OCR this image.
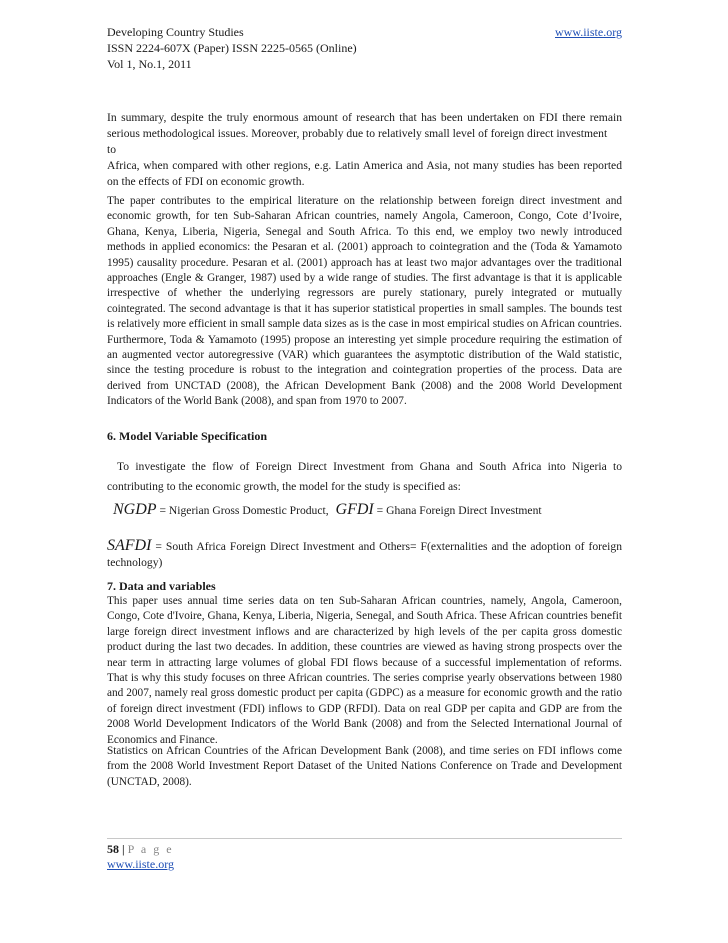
Developing Country Studies
ISSN 2224-607X (Paper) ISSN 2225-0565 (Online)
Vol 1, No.1, 2011
www.iiste.org
In summary, despite the truly enormous amount of research that has been undertaken on FDI there remain serious methodological issues. Moreover, probably due to relatively small level of foreign direct investment
to
Africa, when compared with other regions, e.g. Latin America and Asia, not many studies has been reported on the effects of FDI on economic growth.
The paper contributes to the empirical literature on the relationship between foreign direct investment and economic growth, for ten Sub-Saharan African countries, namely Angola, Cameroon, Congo, Cote d’Ivoire, Ghana, Kenya, Liberia, Nigeria, Senegal and South Africa. To this end, we employ two newly introduced methods in applied economics: the Pesaran et al. (2001) approach to cointegration and the (Toda & Yamamoto 1995) causality procedure. Pesaran et al. (2001) approach has at least two major advantages over the traditional approaches (Engle & Granger, 1987) used by a wide range of studies. The first advantage is that it is applicable irrespective of whether the underlying regressors are purely stationary, purely integrated or mutually cointegrated. The second advantage is that it has superior statistical properties in small samples. The bounds test is relatively more efficient in small sample data sizes as is the case in most empirical studies on African countries. Furthermore, Toda & Yamamoto (1995) propose an interesting yet simple procedure requiring the estimation of an augmented vector autoregressive (VAR) which guarantees the asymptotic distribution of the Wald statistic, since the testing procedure is robust to the integration and cointegration properties of the process. Data are derived from UNCTAD (2008), the African Development Bank (2008) and the 2008 World Development Indicators of the World Bank (2008), and span from 1970 to 2007.
6. Model Variable Specification
To investigate the flow of Foreign Direct Investment from Ghana and South Africa into Nigeria to contributing to the economic growth, the model for the study is specified as:
NGDP = Nigerian Gross Domestic Product, GFDI = Ghana Foreign Direct Investment
SAFDI = South Africa Foreign Direct Investment and Others= F(externalities and the adoption of foreign technology)
7. Data and variables
This paper uses annual time series data on ten Sub-Saharan African countries, namely, Angola, Cameroon, Congo, Cote d'Ivoire, Ghana, Kenya, Liberia, Nigeria, Senegal, and South Africa. These African countries benefit large foreign direct investment inflows and are characterized by high levels of the per capita gross domestic product during the last two decades. In addition, these countries are viewed as having strong prospects over the near term in attracting large volumes of global FDI flows because of a successful implementation of reforms. That is why this study focuses on three African countries. The series comprise yearly observations between 1980 and 2007, namely real gross domestic product per capita (GDPC) as a measure for economic growth and the ratio of foreign direct investment (FDI) inflows to GDP (RFDI). Data on real GDP per capita and GDP are from the 2008 World Development Indicators of the World Bank (2008) and from the Selected International Journal of Economics and Finance.
Statistics on African Countries of the African Development Bank (2008), and time series on FDI inflows come from the 2008 World Investment Report Dataset of the United Nations Conference on Trade and Development (UNCTAD, 2008).
58 | P a g e
www.iiste.org
